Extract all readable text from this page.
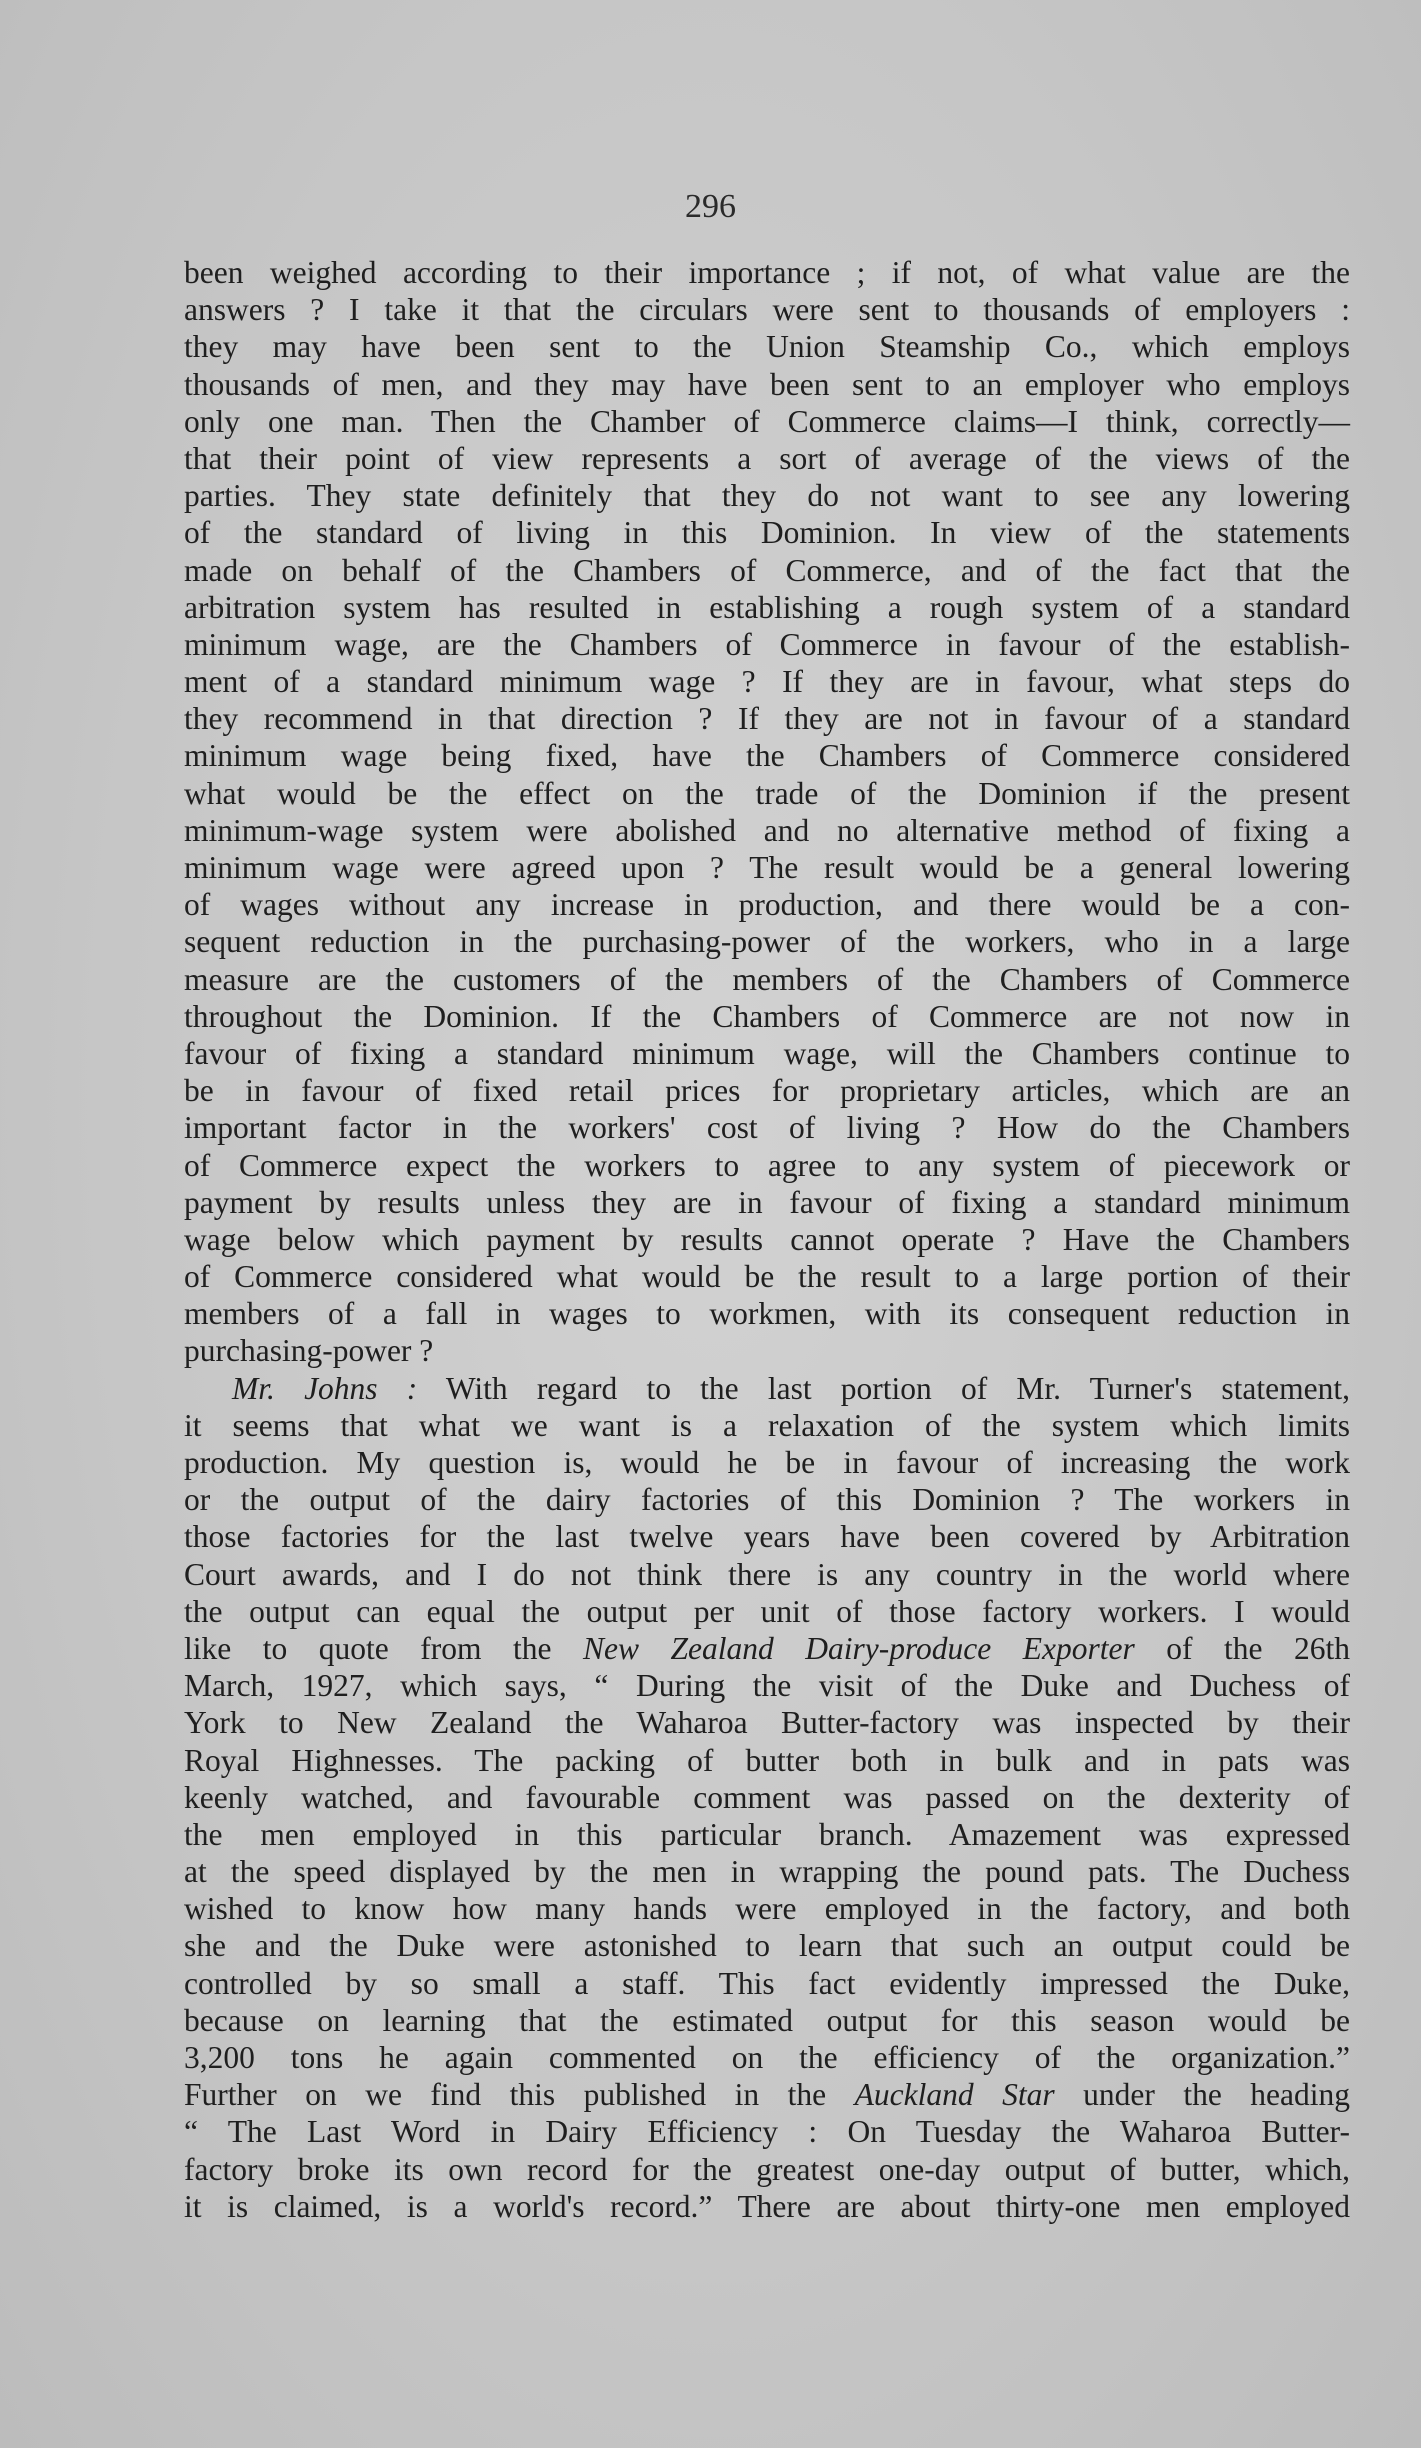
296
been weighed according to their importance ; if not, of what value are the
answers ? I take it that the circulars were sent to thousands of employers :
they may have been sent to the Union Steamship Co., which employs
thousands of men, and they may have been sent to an employer who employs
only one man. Then the Chamber of Commerce claims—I think, correctly—
that their point of view represents a sort of average of the views of the
parties. They state definitely that they do not want to see any lowering
of the standard of living in this Dominion. In view of the statements
made on behalf of the Chambers of Commerce, and of the fact that the
arbitration system has resulted in establishing a rough system of a standard
minimum wage, are the Chambers of Commerce in favour of the establish-
ment of a standard minimum wage ? If they are in favour, what steps do
they recommend in that direction ? If they are not in favour of a standard
minimum wage being fixed, have the Chambers of Commerce considered
what would be the effect on the trade of the Dominion if the present
minimum-wage system were abolished and no alternative method of fixing a
minimum wage were agreed upon ? The result would be a general lowering
of wages without any increase in production, and there would be a con-
sequent reduction in the purchasing-power of the workers, who in a large
measure are the customers of the members of the Chambers of Commerce
throughout the Dominion. If the Chambers of Commerce are not now in
favour of fixing a standard minimum wage, will the Chambers continue to
be in favour of fixed retail prices for proprietary articles, which are an
important factor in the workers' cost of living ? How do the Chambers
of Commerce expect the workers to agree to any system of piecework or
payment by results unless they are in favour of fixing a standard minimum
wage below which payment by results cannot operate ? Have the Chambers
of Commerce considered what would be the result to a large portion of their
members of a fall in wages to workmen, with its consequent reduction in
purchasing-power ?
Mr. Johns : With regard to the last portion of Mr. Turner's statement,
it seems that what we want is a relaxation of the system which limits
production. My question is, would he be in favour of increasing the work
or the output of the dairy factories of this Dominion ? The workers in
those factories for the last twelve years have been covered by Arbitration
Court awards, and I do not think there is any country in the world where
the output can equal the output per unit of those factory workers. I would
like to quote from the New Zealand Dairy-produce Exporter of the 26th
March, 1927, which says, “ During the visit of the Duke and Duchess of
York to New Zealand the Waharoa Butter-factory was inspected by their
Royal Highnesses. The packing of butter both in bulk and in pats was
keenly watched, and favourable comment was passed on the dexterity of
the men employed in this particular branch. Amazement was expressed
at the speed displayed by the men in wrapping the pound pats. The Duchess
wished to know how many hands were employed in the factory, and both
she and the Duke were astonished to learn that such an output could be
controlled by so small a staff. This fact evidently impressed the Duke,
because on learning that the estimated output for this season would be
3,200 tons he again commented on the efficiency of the organization.”
Further on we find this published in the Auckland Star under the heading
“ The Last Word in Dairy Efficiency : On Tuesday the Waharoa Butter-
factory broke its own record for the greatest one-day output of butter, which,
it is claimed, is a world's record.” There are about thirty-one men employed
